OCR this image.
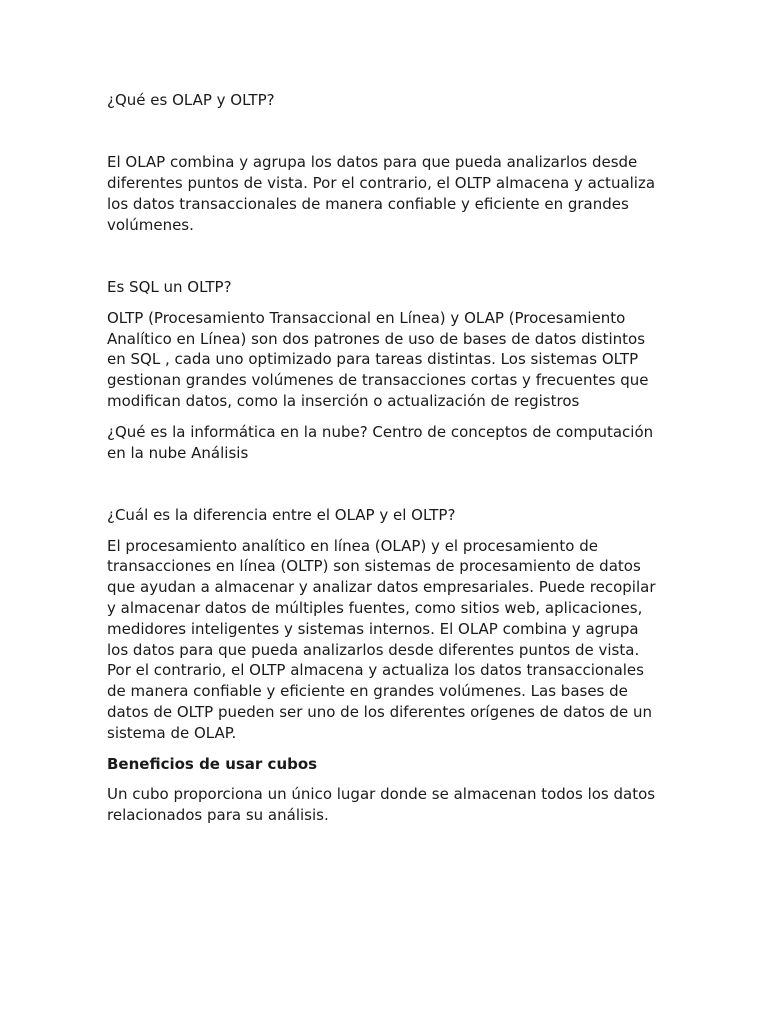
¿Qué es OLAP y OLTP?

El OLAP combina y agrupa los datos para que pueda analizarlos desde
diferentes puntos de vista. Por el contrario, el OLTP almacena y actualiza
los datos transaccionales de manera confiable y eficiente en grandes
volúmenes.

Es SQL un OLTP?

OLTP (Procesamiento Transaccional en Línea) y OLAP (Procesamiento
Analítico en Línea) son dos patrones de uso de bases de datos distintos
en SQL , cada uno optimizado para tareas distintas. Los sistemas OLTP
gestionan grandes volúmenes de transacciones cortas y frecuentes que
modifican datos, como la inserción o actualización de registros

¿Qué es la informática en la nube? Centro de conceptos de computación
en la nube Análisis

¿Cuál es la diferencia entre el OLAP y el OLTP?

El procesamiento analítico en línea (OLAP) y el procesamiento de
transacciones en línea (OLTP) son sistemas de procesamiento de datos
que ayudan a almacenar y analizar datos empresariales. Puede recopilar
y almacenar datos de múltiples fuentes, como sitios web, aplicaciones,
medidores inteligentes y sistemas internos. El OLAP combina y agrupa
los datos para que pueda analizarlos desde diferentes puntos de vista.
Por el contrario, el OLTP almacena y actualiza los datos transaccionales
de manera confiable y eficiente en grandes volúmenes. Las bases de
datos de OLTP pueden ser uno de los diferentes orígenes de datos de un
sistema de OLAP.

Beneficios de usar cubos

Un cubo proporciona un único lugar donde se almacenan todos los datos
relacionados para su análisis.
